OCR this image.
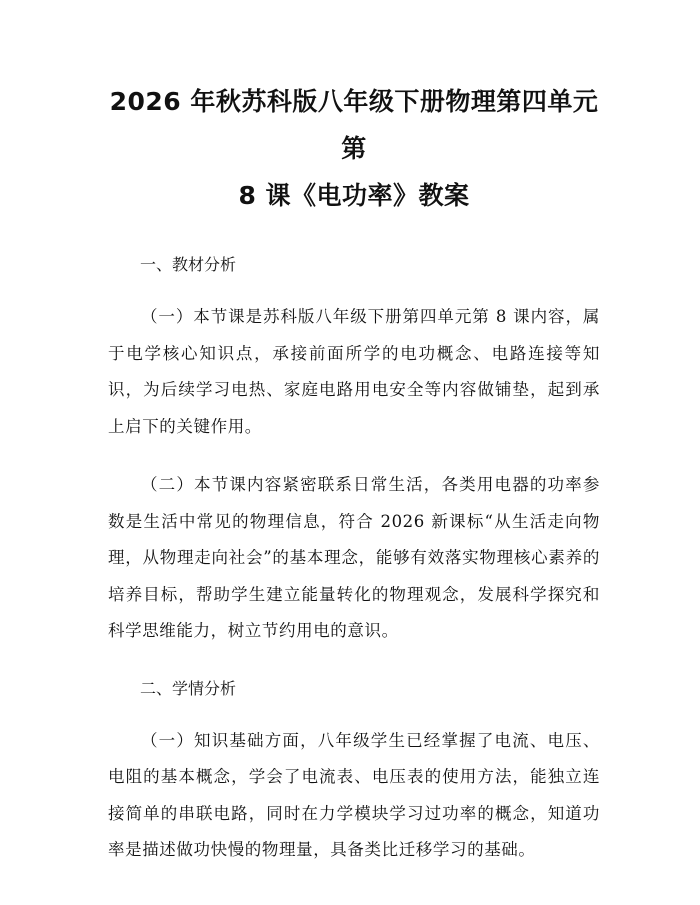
2026 年秋苏科版八年级下册物理第四单元第
8 课《电功率》教案

一、教材分析

（一）本节课是苏科版八年级下册第四单元第 8 课内容，属于电学核心知识点，承接前面所学的电功概念、电路连接等知识，为后续学习电热、家庭电路用电安全等内容做铺垫，起到承上启下的关键作用。

（二）本节课内容紧密联系日常生活，各类用电器的功率参数是生活中常见的物理信息，符合 2026 新课标“从生活走向物理，从物理走向社会”的基本理念，能够有效落实物理核心素养的培养目标，帮助学生建立能量转化的物理观念，发展科学探究和科学思维能力，树立节约用电的意识。

二、学情分析

（一）知识基础方面，八年级学生已经掌握了电流、电压、电阻的基本概念，学会了电流表、电压表的使用方法，能独立连接简单的串联电路，同时在力学模块学习过功率的概念，知道功率是描述做功快慢的物理量，具备类比迁移学习的基础。
